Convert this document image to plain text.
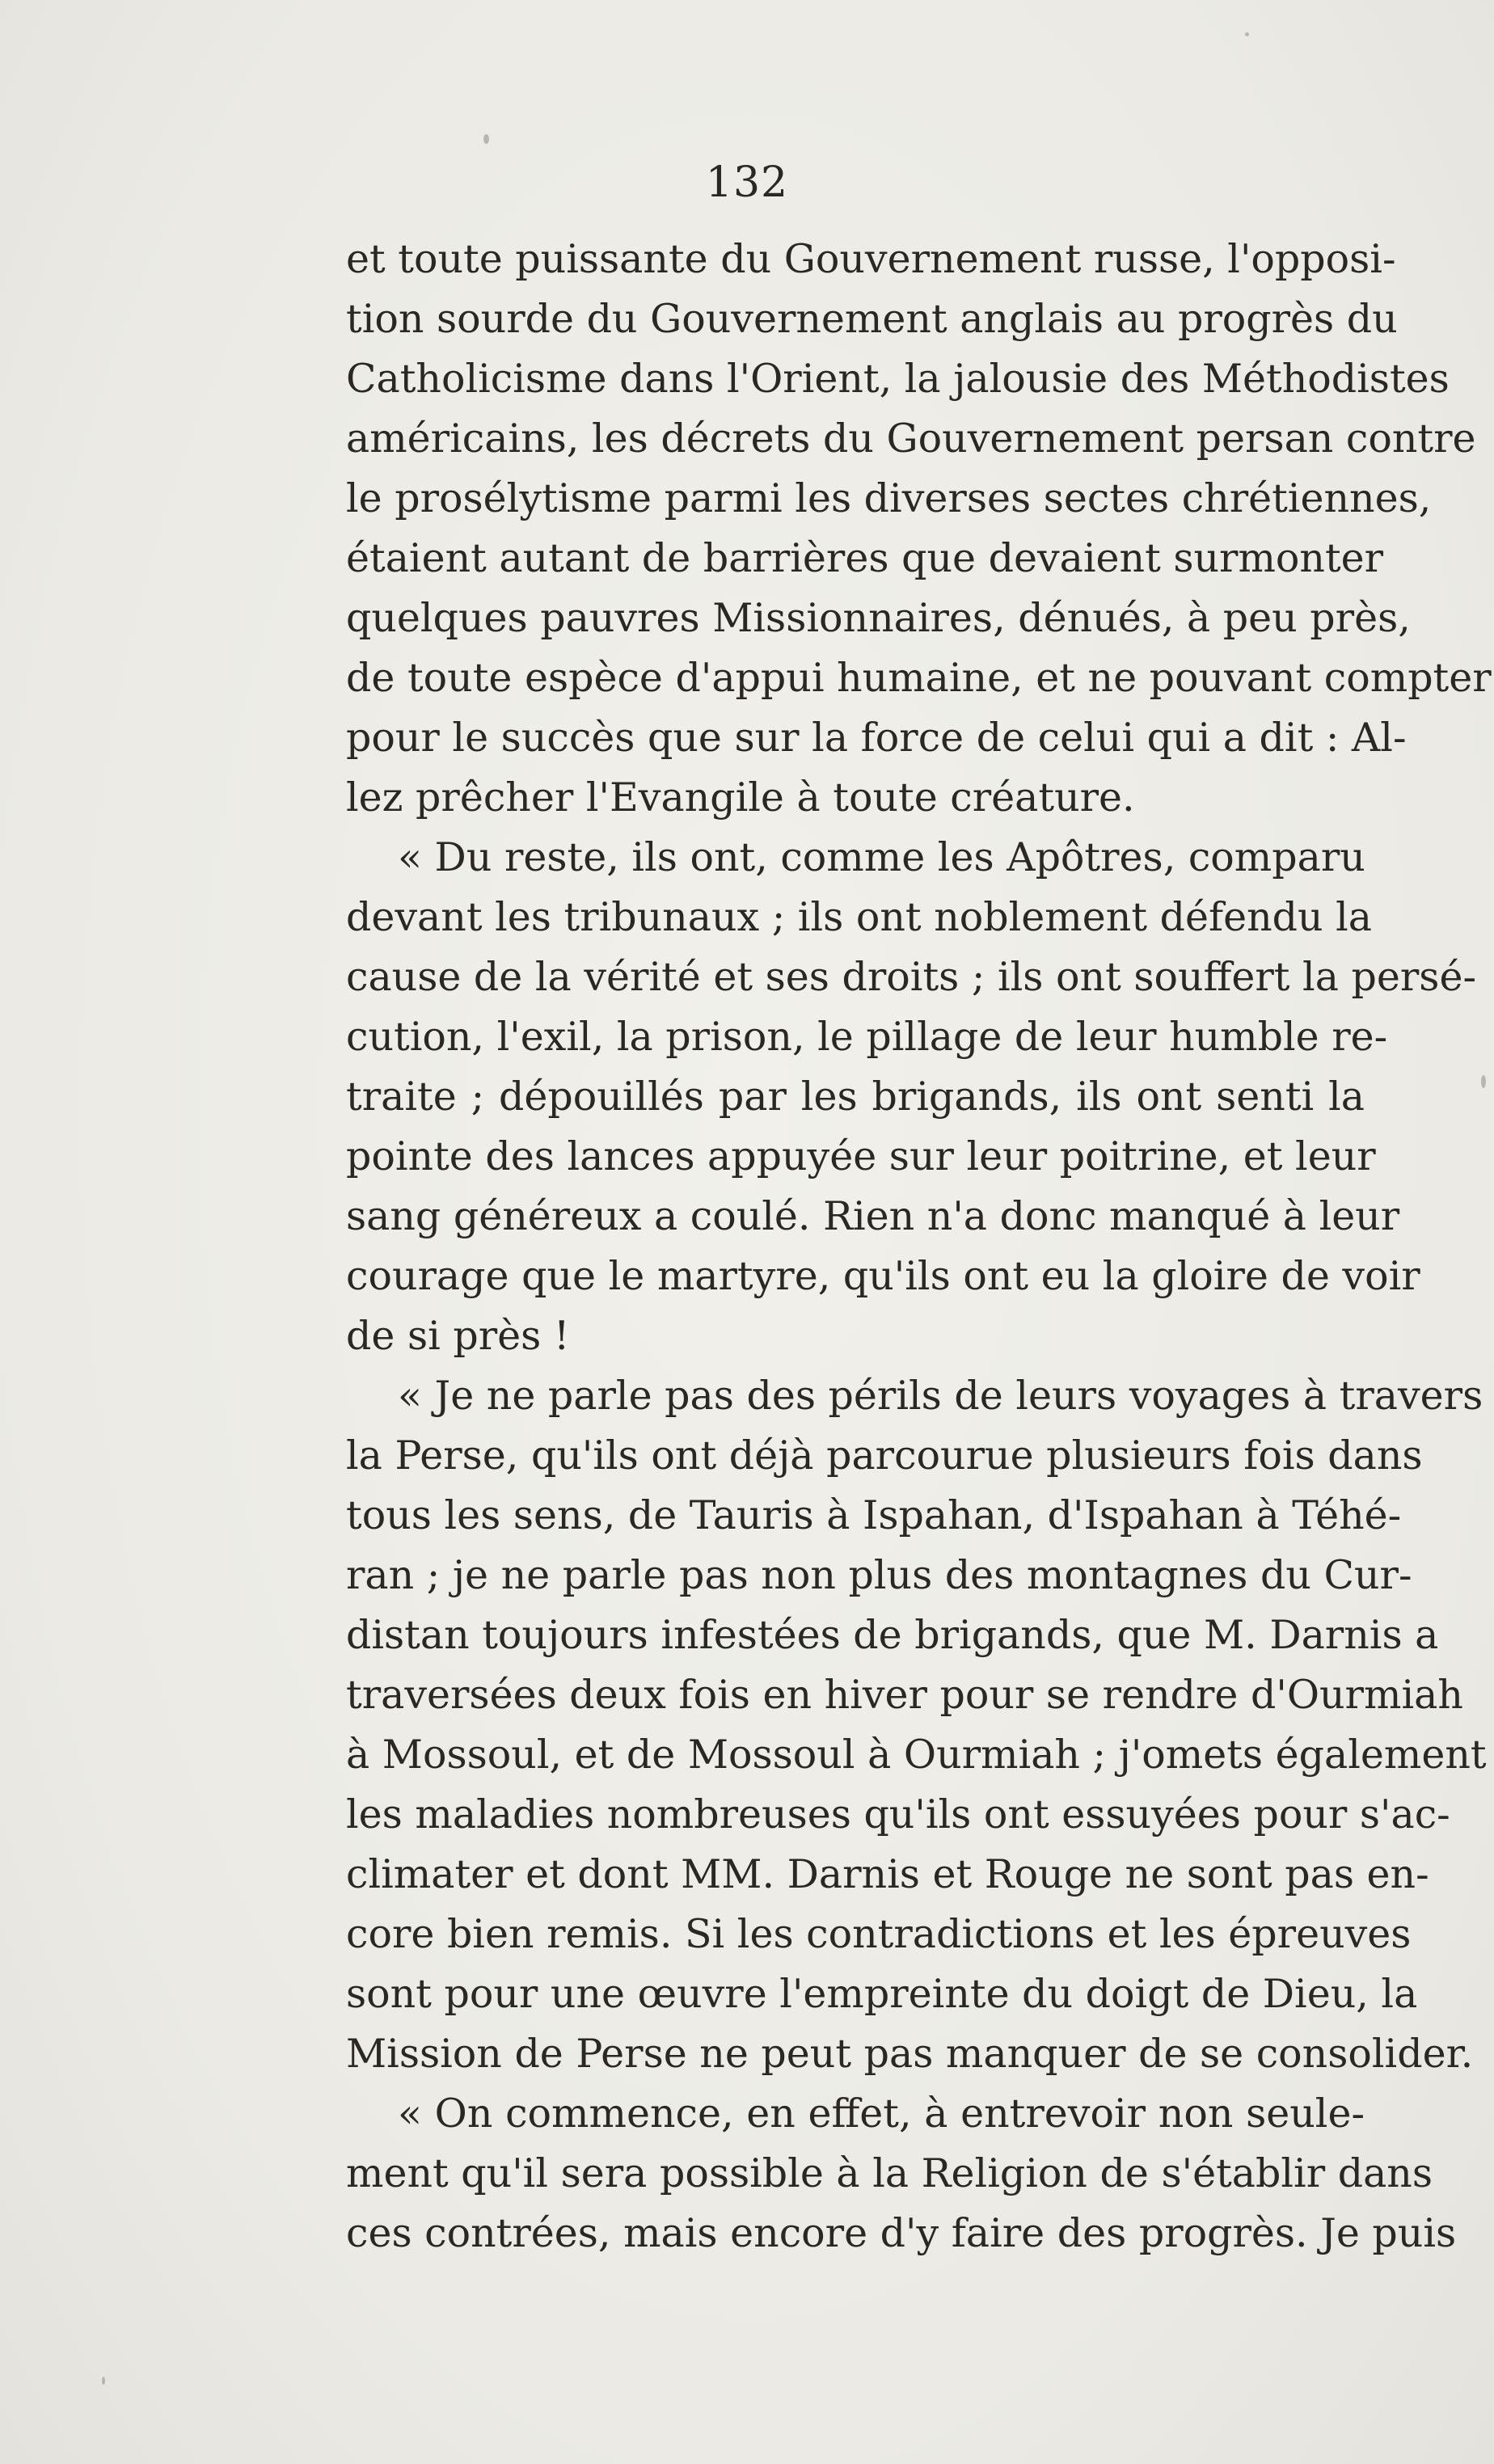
132
et toute puissante du Gouvernement russe, l'opposi-
tion sourde du Gouvernement anglais au progrès du
Catholicisme dans l'Orient, la jalousie des Méthodistes
américains, les décrets du Gouvernement persan contre
le prosélytisme parmi les diverses sectes chrétiennes,
étaient autant de barrières que devaient surmonter
quelques pauvres Missionnaires, dénués, à peu près,
de toute espèce d'appui humaine, et ne pouvant compter
pour le succès que sur la force de celui qui a dit : Al-
lez prêcher l'Evangile à toute créature.
« Du reste, ils ont, comme les Apôtres, comparu
devant les tribunaux ; ils ont noblement défendu la
cause de la vérité et ses droits ; ils ont souffert la persé-
cution, l'exil, la prison, le pillage de leur humble re-
traite ; dépouillés par les brigands, ils ont senti la
pointe des lances appuyée sur leur poitrine, et leur
sang généreux a coulé. Rien n'a donc manqué à leur
courage que le martyre, qu'ils ont eu la gloire de voir
de si près !
« Je ne parle pas des périls de leurs voyages à travers
la Perse, qu'ils ont déjà parcourue plusieurs fois dans
tous les sens, de Tauris à Ispahan, d'Ispahan à Téhé-
ran ; je ne parle pas non plus des montagnes du Cur-
distan toujours infestées de brigands, que M. Darnis a
traversées deux fois en hiver pour se rendre d'Ourmiah
à Mossoul, et de Mossoul à Ourmiah ; j'omets également
les maladies nombreuses qu'ils ont essuyées pour s'ac-
climater et dont MM. Darnis et Rouge ne sont pas en-
core bien remis. Si les contradictions et les épreuves
sont pour une œuvre l'empreinte du doigt de Dieu, la
Mission de Perse ne peut pas manquer de se consolider.
« On commence, en effet, à entrevoir non seule-
ment qu'il sera possible à la Religion de s'établir dans
ces contrées, mais encore d'y faire des progrès. Je puis
